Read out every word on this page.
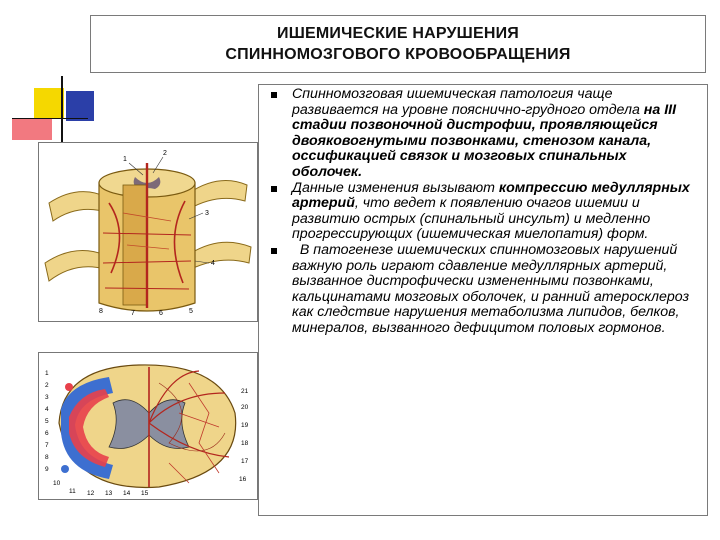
ИШЕМИЧЕСКИЕ НАРУШЕНИЯ
СПИННОМОЗГОВОГО КРОВООБРАЩЕНИЯ
1
2
3
4
5
6
7
8
1
2
3
4
5
6
7
8
9
10
11 12 13 14 15
16
17
18
19
20
21

Спинномозговая ишемическая патология чаще развивается на уровне пояснично-грудного отдела на III стадии позвоночной дистрофии, проявляющейся двояковогнутыми позвонками, стенозом канала, оссификацией связок и мозговых спинальных оболочек.

Данные изменения вызывают компрессию медуллярных артерий, что ведет к появлению очагов ишемии и развитию острых (спинальный инсульт) и медленно прогрессирующих (ишемическая миелопатия) форм.

В патогенезе ишемических спинномозговых нарушений важную роль играют сдавление медуллярных артерий, вызванное дистрофически измененными позвонками, кальцинатами мозговых оболочек, и ранний атеросклероз как следствие нарушения метаболизма липидов, белков, минералов, вызванного дефицитом половых гормонов.
